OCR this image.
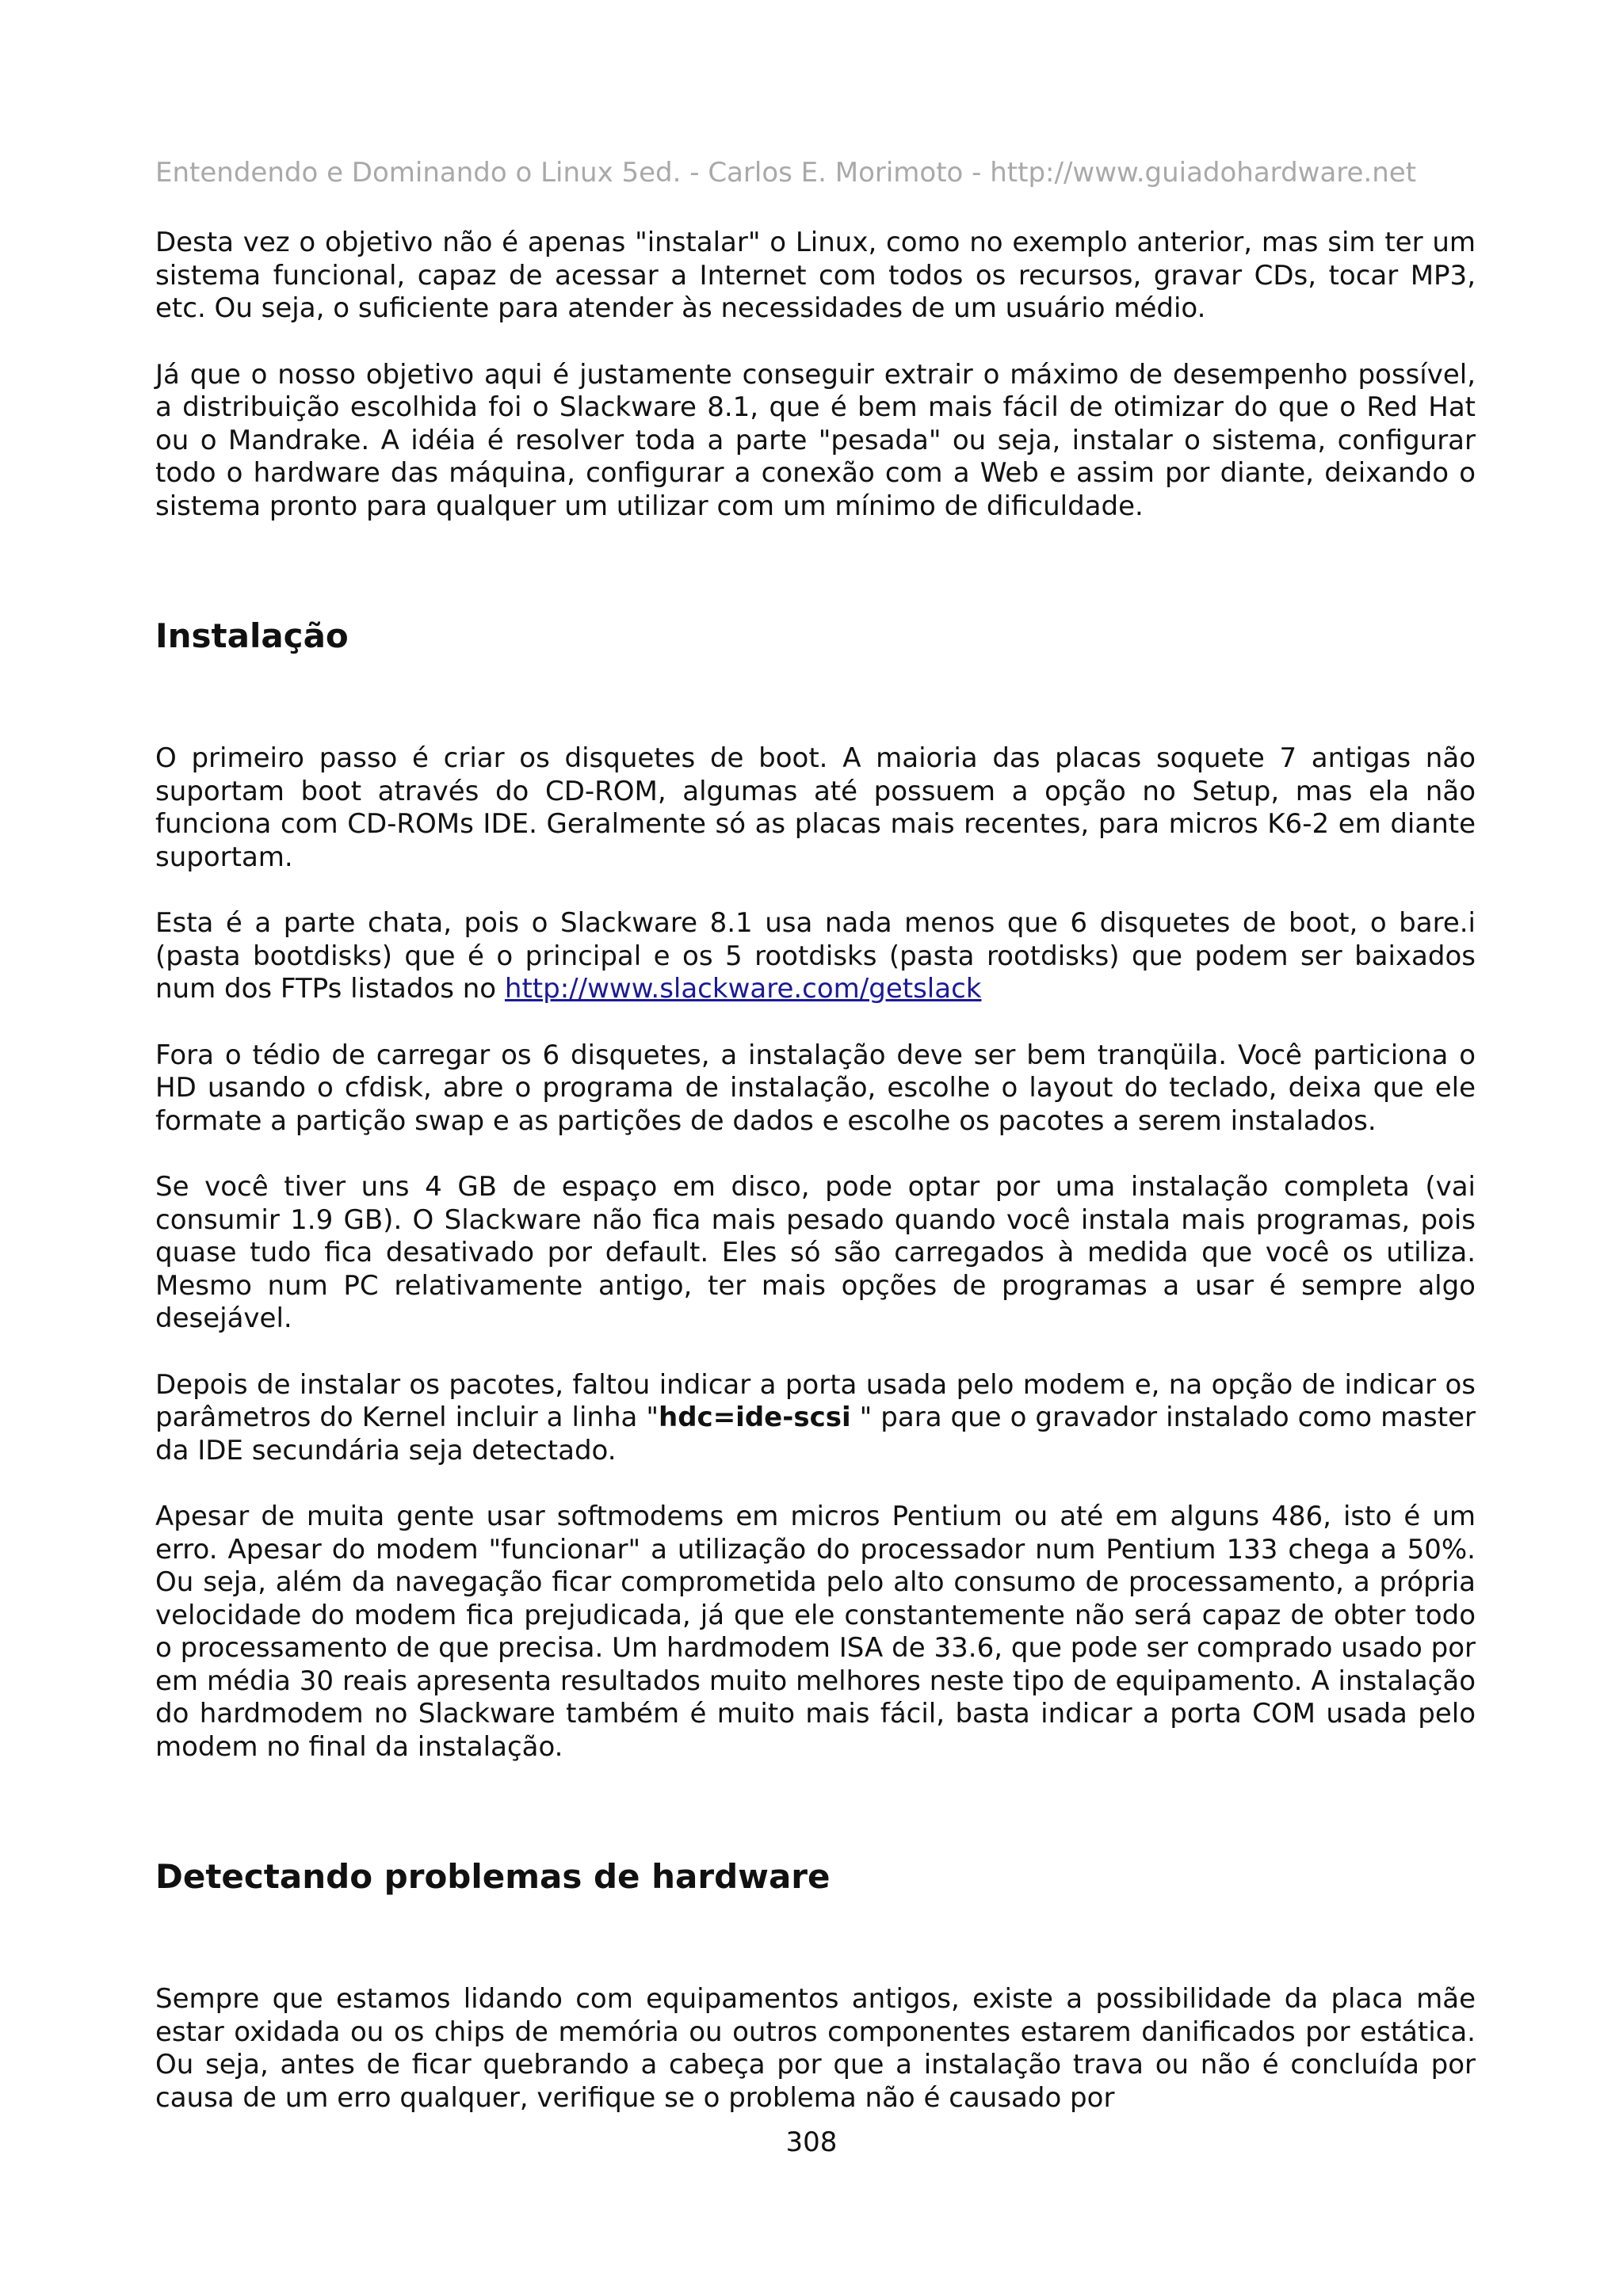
Entendendo e Dominando o Linux 5ed. - Carlos E. Morimoto - http://www.guiadohardware.net

Desta vez o objetivo não é apenas "instalar" o Linux, como no exemplo anterior, mas sim ter um sistema funcional, capaz de acessar a Internet com todos os recursos, gravar CDs, tocar MP3, etc. Ou seja, o suficiente para atender às necessidades de um usuário médio.

Já que o nosso objetivo aqui é justamente conseguir extrair o máximo de desempenho possível, a distribuição escolhida foi o Slackware 8.1, que é bem mais fácil de otimizar do que o Red Hat ou o Mandrake. A idéia é resolver toda a parte "pesada" ou seja, instalar o sistema, configurar todo o hardware das máquina, configurar a conexão com a Web e assim por diante, deixando o sistema pronto para qualquer um utilizar com um mínimo de dificuldade.

Instalação

O primeiro passo é criar os disquetes de boot. A maioria das placas soquete 7 antigas não suportam boot através do CD-ROM, algumas até possuem a opção no Setup, mas ela não funciona com CD-ROMs IDE. Geralmente só as placas mais recentes, para micros K6-2 em diante suportam.

Esta é a parte chata, pois o Slackware 8.1 usa nada menos que 6 disquetes de boot, o bare.i (pasta bootdisks) que é o principal e os 5 rootdisks (pasta rootdisks) que podem ser baixados num dos FTPs listados no http://www.slackware.com/getslack

Fora o tédio de carregar os 6 disquetes, a instalação deve ser bem tranqüila. Você particiona o HD usando o cfdisk, abre o programa de instalação, escolhe o layout do teclado, deixa que ele formate a partição swap e as partições de dados e escolhe os pacotes a serem instalados.

Se você tiver uns 4 GB de espaço em disco, pode optar por uma instalação completa (vai consumir 1.9 GB). O Slackware não fica mais pesado quando você instala mais programas, pois quase tudo fica desativado por default. Eles só são carregados à medida que você os utiliza. Mesmo num PC relativamente antigo, ter mais opções de programas a usar é sempre algo desejável.

Depois de instalar os pacotes, faltou indicar a porta usada pelo modem e, na opção de indicar os parâmetros do Kernel incluir a linha "hdc=ide-scsi " para que o gravador instalado como master da IDE secundária seja detectado.

Apesar de muita gente usar softmodems em micros Pentium ou até em alguns 486, isto é um erro. Apesar do modem "funcionar" a utilização do processador num Pentium 133 chega a 50%. Ou seja, além da navegação ficar comprometida pelo alto consumo de processamento, a própria velocidade do modem fica prejudicada, já que ele constantemente não será capaz de obter todo o processamento de que precisa. Um hardmodem ISA de 33.6, que pode ser comprado usado por em média 30 reais apresenta resultados muito melhores neste tipo de equipamento. A instalação do hardmodem no Slackware também é muito mais fácil, basta indicar a porta COM usada pelo modem no final da instalação.

Detectando problemas de hardware

Sempre que estamos lidando com equipamentos antigos, existe a possibilidade da placa mãe estar oxidada ou os chips de memória ou outros componentes estarem danificados por estática. Ou seja, antes de ficar quebrando a cabeça por que a instalação trava ou não é concluída por causa de um erro qualquer, verifique se o problema não é causado por

308
